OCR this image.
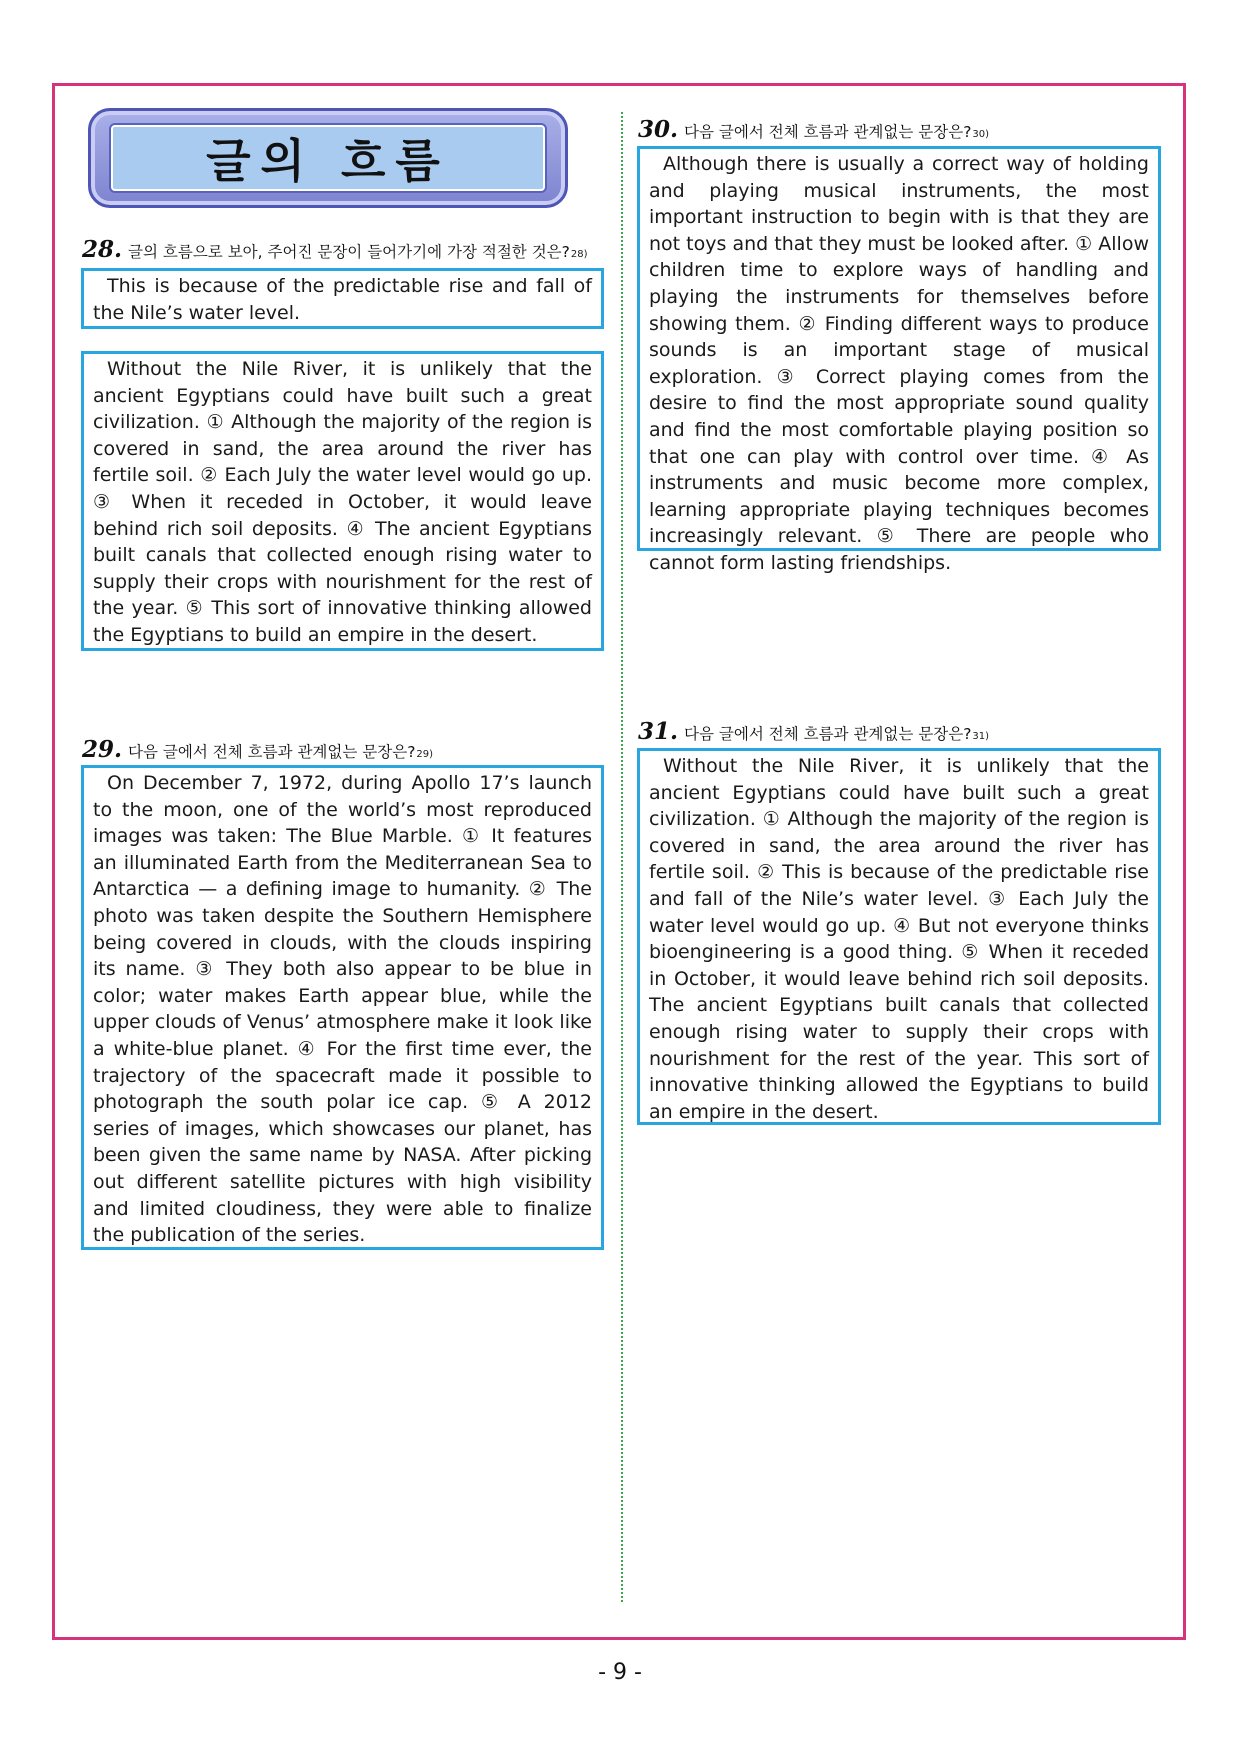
글의 흐름
28. 글의 흐름으로 보아, 주어진 문장이 들어가기에 가장 적절한 것은? 28)

This is because of the predictable rise and fall of the Nile’s water level.

Without the Nile River, it is unlikely that the ancient Egyptians could have built such a great civilization. ① Although the majority of the region is covered in sand, the area around the river has fertile soil. ② Each July the water level would go up. ③ When it receded in October, it would leave behind rich soil deposits. ④ The ancient Egyptians built canals that collected enough rising water to supply their crops with nourishment for the rest of the year. ⑤ This sort of innovative thinking allowed the Egyptians to build an empire in the desert.

29. 다음 글에서 전체 흐름과 관계없는 문장은? 29)

On December 7, 1972, during Apollo 17’s launch to the moon, one of the world’s most reproduced images was taken: The Blue Marble. ① It features an illuminated Earth from the Mediterranean Sea to Antarctica — a defining image to humanity. ② The photo was taken despite the Southern Hemisphere being covered in clouds, with the clouds inspiring its name. ③ They both also appear to be blue in color; water makes Earth appear blue, while the upper clouds of Venus’ atmosphere make it look like a white-blue planet. ④ For the first time ever, the trajectory of the spacecraft made it possible to photograph the south polar ice cap. ⑤ A 2012 series of images, which showcases our planet, has been given the same name by NASA. After picking out different satellite pictures with high visibility and limited cloudiness, they were able to finalize the publication of the series.

30. 다음 글에서 전체 흐름과 관계없는 문장은? 30)

Although there is usually a correct way of holding and playing musical instruments, the most important instruction to begin with is that they are not toys and that they must be looked after. ① Allow children time to explore ways of handling and playing the instruments for themselves before showing them. ② Finding different ways to produce sounds is an important stage of musical exploration. ③ Correct playing comes from the desire to find the most appropriate sound quality and find the most comfortable playing position so that one can play with control over time. ④ As instruments and music become more complex, learning appropriate playing techniques becomes increasingly relevant. ⑤ There are people who cannot form lasting friendships.

31. 다음 글에서 전체 흐름과 관계없는 문장은? 31)

Without the Nile River, it is unlikely that the ancient Egyptians could have built such a great civilization. ① Although the majority of the region is covered in sand, the area around the river has fertile soil. ② This is because of the predictable rise and fall of the Nile’s water level. ③ Each July the water level would go up. ④ But not everyone thinks bioengineering is a good thing. ⑤ When it receded in October, it would leave behind rich soil deposits. The ancient Egyptians built canals that collected enough rising water to supply their crops with nourishment for the rest of the year. This sort of innovative thinking allowed the Egyptians to build an empire in the desert.

- 9 -
